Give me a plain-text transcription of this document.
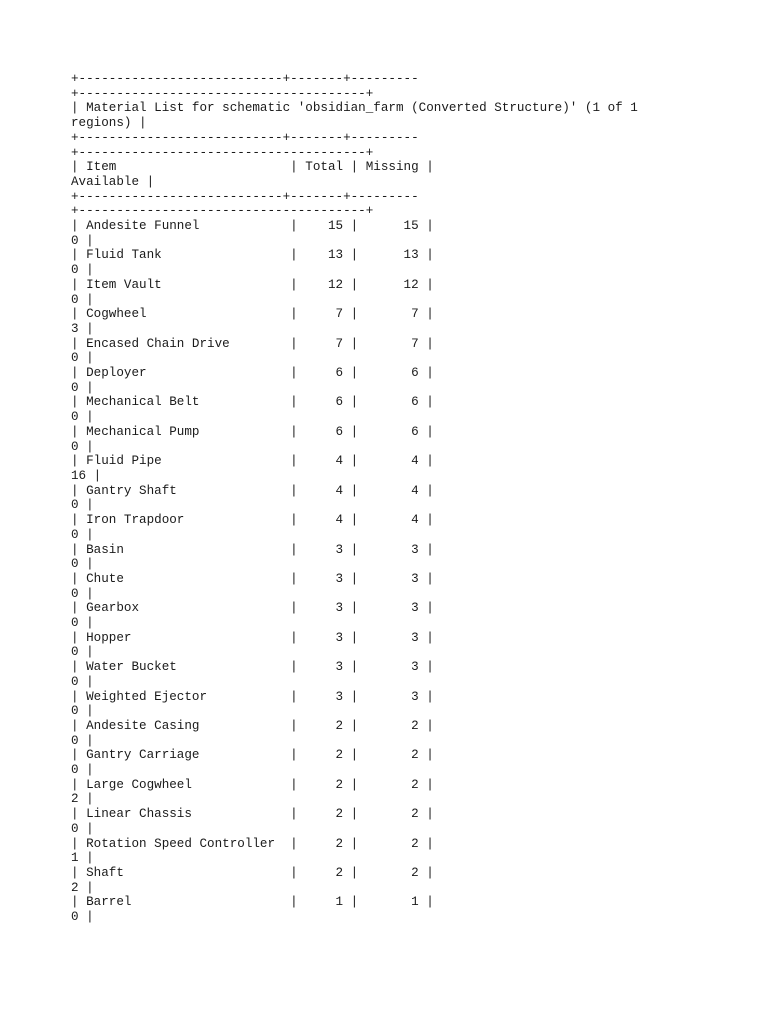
+---------------------------+-------+---------
+--------------------------------------+
| Material List for schematic 'obsidian_farm (Converted Structure)' (1 of 1
regions) |
+---------------------------+-------+---------
+--------------------------------------+
| Item                       | Total | Missing |
Available |
+---------------------------+-------+---------
+--------------------------------------+
| Andesite Funnel            |    15 |      15 |
0 |
| Fluid Tank                 |    13 |      13 |
0 |
| Item Vault                 |    12 |      12 |
0 |
| Cogwheel                   |     7 |       7 |
3 |
| Encased Chain Drive        |     7 |       7 |
0 |
| Deployer                   |     6 |       6 |
0 |
| Mechanical Belt            |     6 |       6 |
0 |
| Mechanical Pump            |     6 |       6 |
0 |
| Fluid Pipe                 |     4 |       4 |
16 |
| Gantry Shaft               |     4 |       4 |
0 |
| Iron Trapdoor              |     4 |       4 |
0 |
| Basin                      |     3 |       3 |
0 |
| Chute                      |     3 |       3 |
0 |
| Gearbox                    |     3 |       3 |
0 |
| Hopper                     |     3 |       3 |
0 |
| Water Bucket               |     3 |       3 |
0 |
| Weighted Ejector           |     3 |       3 |
0 |
| Andesite Casing            |     2 |       2 |
0 |
| Gantry Carriage            |     2 |       2 |
0 |
| Large Cogwheel             |     2 |       2 |
2 |
| Linear Chassis             |     2 |       2 |
0 |
| Rotation Speed Controller  |     2 |       2 |
1 |
| Shaft                      |     2 |       2 |
2 |
| Barrel                     |     1 |       1 |
0 |
